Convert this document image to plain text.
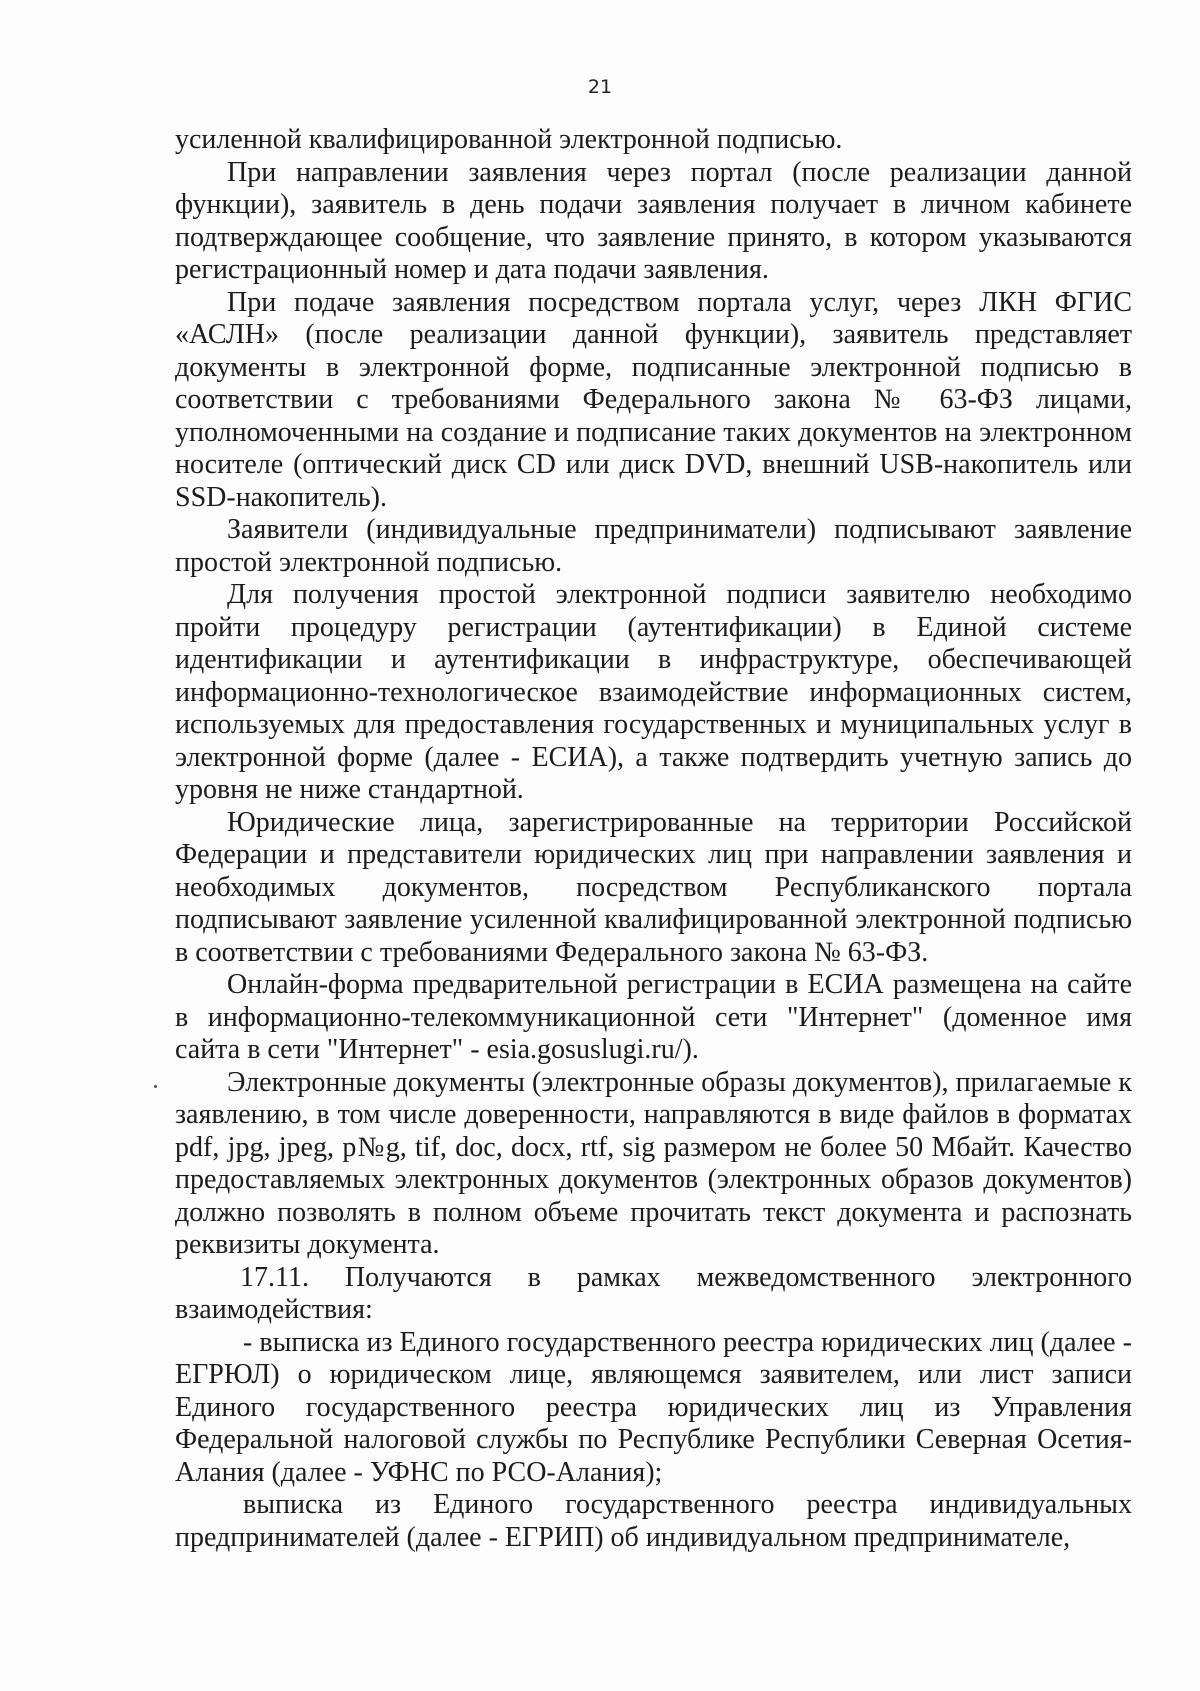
21

усиленной квалифицированной электронной подписью.

При направлении заявления через портал (после реализации данной функции), заявитель в день подачи заявления получает в личном кабинете подтверждающее сообщение, что заявление принято, в котором указываются регистрационный номер и дата подачи заявления.

При подаче заявления посредством портала услуг, через ЛКН ФГИС «АСЛН» (после реализации данной функции), заявитель представляет документы в электронной форме, подписанные электронной подписью в соответствии с требованиями Федерального закона № 63-ФЗ лицами, уполномоченными на создание и подписание таких документов на электронном носителе (оптический диск CD или диск DVD, внешний USB-накопитель или SSD-накопитель).

Заявители (индивидуальные предприниматели) подписывают заявление простой электронной подписью.

Для получения простой электронной подписи заявителю необходимо пройти процедуру регистрации (аутентификации) в Единой системе идентификации и аутентификации в инфраструктуре, обеспечивающей информационно-технологическое взаимодействие информационных систем, используемых для предоставления государственных и муниципальных услуг в электронной форме (далее - ЕСИА), а также подтвердить учетную запись до уровня не ниже стандартной.

Юридические лица, зарегистрированные на территории Российской Федерации и представители юридических лиц при направлении заявления и необходимых документов, посредством Республиканского портала подписывают заявление усиленной квалифицированной электронной подписью в соответствии с требованиями Федерального закона № 63-ФЗ.

Онлайн-форма предварительной регистрации в ЕСИА размещена на сайте в информационно-телекоммуникационной сети "Интернет" (доменное имя сайта в сети "Интернет" - esia.gosuslugi.ru/).

Электронные документы (электронные образы документов), прилагаемые к заявлению, в том числе доверенности, направляются в виде файлов в форматах pdf, jpg, jpeg, p№g, tif, doc, docx, rtf, sig размером не более 50 Мбайт. Качество предоставляемых электронных документов (электронных образов документов) должно позволять в полном объеме прочитать текст документа и распознать реквизиты документа.

17.11. Получаются в рамках межведомственного электронного взаимодействия:

- выписка из Единого государственного реестра юридических лиц (далее - ЕГРЮЛ) о юридическом лице, являющемся заявителем, или лист записи Единого государственного реестра юридических лиц из Управления Федеральной налоговой службы по Республике Республики Северная Осетия-Алания (далее - УФНС по РСО-Алания);

выписка из Единого государственного реестра индивидуальных предпринимателей (далее - ЕГРИП) об индивидуальном предпринимателе,
